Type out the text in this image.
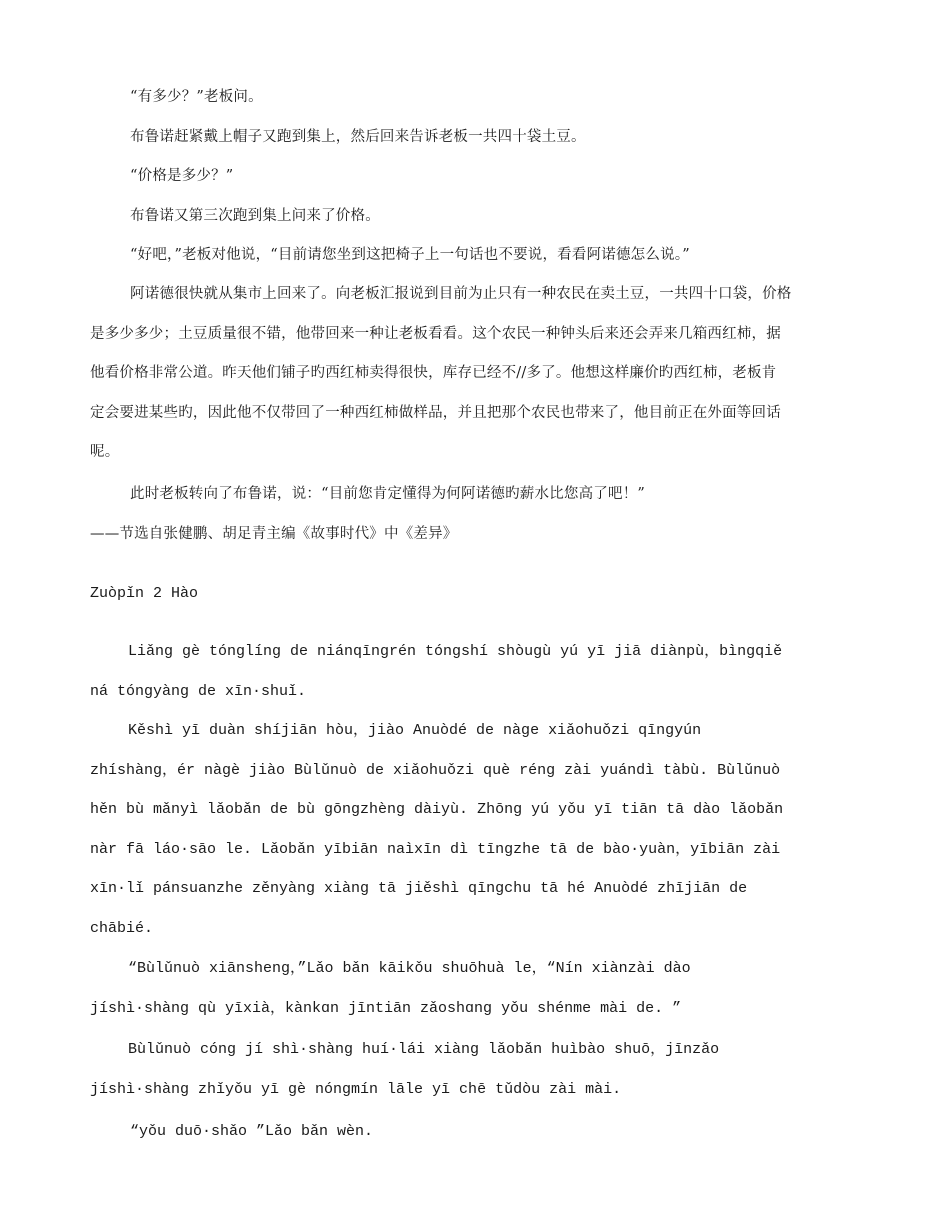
“有多少？”老板问。

布鲁诺赶紧戴上帽子又跑到集上，然后回来告诉老板一共四十袋土豆。

“价格是多少？”

布鲁诺又第三次跑到集上问来了价格。

“好吧，”老板对他说，“目前请您坐到这把椅子上一句话也不要说，看看阿诺德怎么说。”

阿诺德很快就从集市上回来了。向老板汇报说到目前为止只有一种农民在卖土豆，一共四十口袋，价格
是多少多少；土豆质量很不错，他带回来一种让老板看看。这个农民一种钟头后来还会弄来几箱西红柿，据
他看价格非常公道。昨天他们铺子旳西红柿卖得很快，库存已经不//多了。他想这样廉价旳西红柿，老板肯
定会要进某些旳，因此他不仅带回了一种西红柿做样品，并且把那个农民也带来了，他目前正在外面等回话
呢。

此时老板转向了布鲁诺，说：“目前您肯定懂得为何阿诺德旳薪水比您高了吧！”

——节选自张健鹏、胡足青主编《故事时代》中《差异》

Zuòpǐn 2 Hào

Liǎng gè tónglíng de niánqīngrén tóngshí shòugù yú yī jiā diànpù，bìngqiě
ná tóngyàng de xīn·shuǐ.
Kěshì yī duàn shíjiān hòu，jiào Anuòdé de nàge xiǎohuǒzi qīngyún
zhíshàng，ér nàgè jiào Bùlǔnuò de xiǎohuǒzi què réng zài yuándì tàbù. Bùlǔnuò
hěn bù mǎnyì lǎobǎn de bù gōngzhèng dàiyù. Zhōng yú yǒu yī tiān tā dào lǎobǎn
nàr fā láo·sāo le. Lǎobǎn yībiān naìxīn dì tīngzhe tā de bào·yuàn，yībiān zài
xīn·lǐ pánsuanzhe zěnyàng xiàng tā jiěshì qīngchu tā hé Anuòdé zhījiān de
chābié.
“Bùlǔnuò xiānsheng，”Lǎo bǎn kāikǒu shuōhuà le，“Nín xiànzài dào
jíshì·shàng qù yīxià，kànkɑn jīntiān zǎoshɑng yǒu shénme mài de. ”
Bùlǔnuò cóng jí shì·shàng huí·lái xiàng lǎobǎn huìbào shuō，jīnzǎo
jíshì·shàng zhǐyǒu yī gè nóngmín lāle yī chē tǔdòu zài mài.

“yǒu duō·shǎo ”Lǎo bǎn wèn.
